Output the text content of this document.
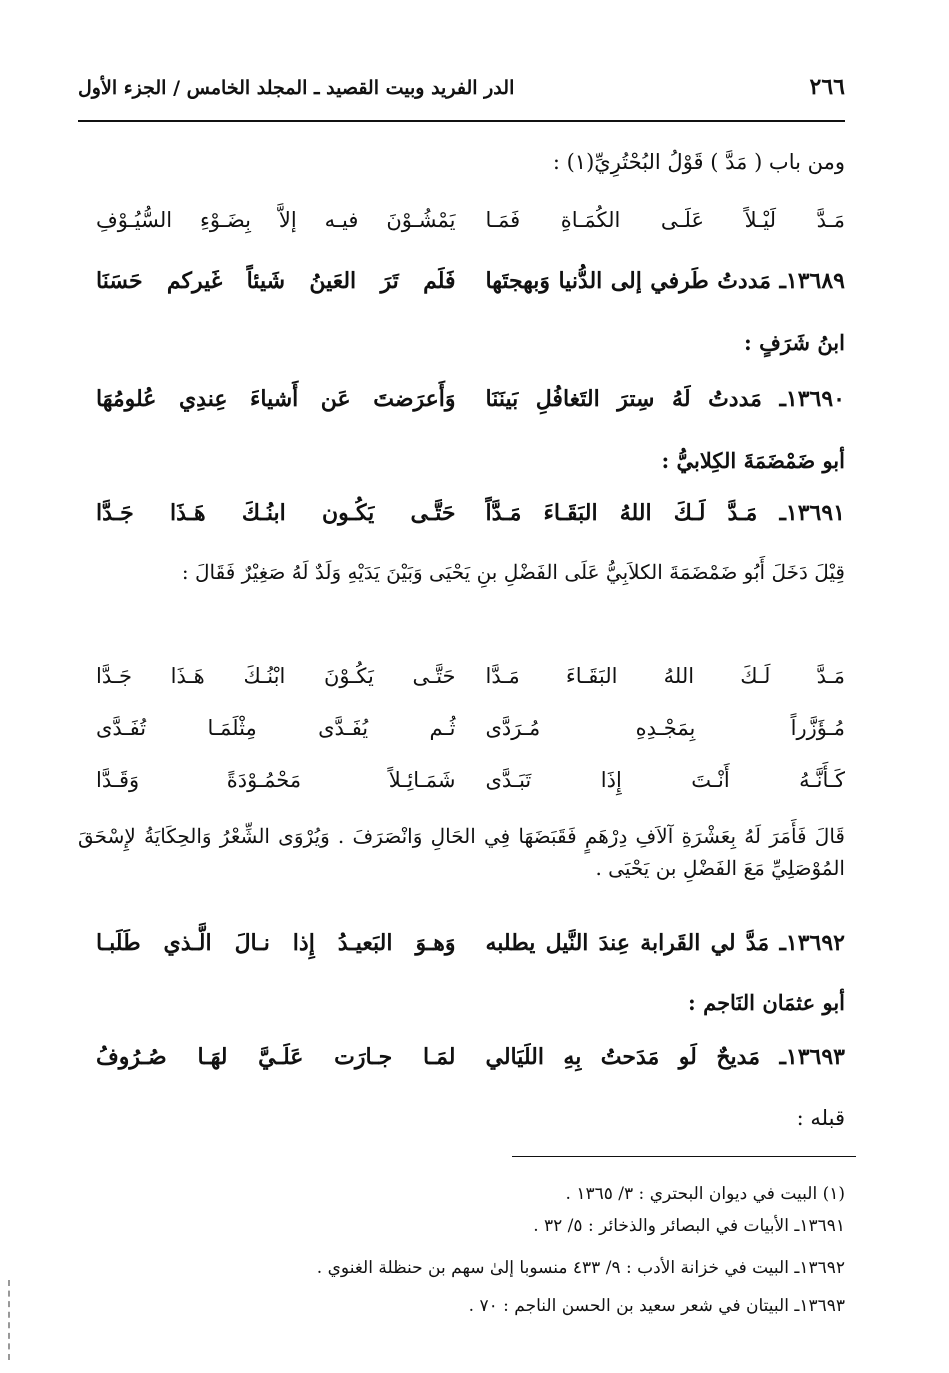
٢٦٦
الدر الفريد وبيت القصيد ـ المجلد الخامس / الجزء الأول
ومن باب ( مَدَّ ) قَوْلُ البُحْتُرِيِّ(١) :
مَـدَّ لَيْـلاً عَلَـى الكُمَـاةِ فَمَـا
يَمْشُـوْنَ فيـه إلاَّ بِضَـوْءِ السُّيُـوْفِ
١٣٦٨٩ـ مَددتُ طَرفي إلى الدُّنيا وَبهجتَها
فَلَم تَرَ العَينُ شَيئاً غَيركم حَسَنَا
ابنُ شَرَفٍ :
١٣٦٩٠ـ مَددتُ لَهُ سِترَ التَغافُلِ بَينَنَا
وَأَعرَضتَ عَن أَشياءَ عِندِي عُلومُهَا
أبو ضَمْضَمَةَ الكِلابيُّ :
١٣٦٩١ـ مَـدَّ لَـكَ اللهُ البَقَـاءَ مَـدَّاً
حَتَّـى يَكُـون ابنُـكَ هَـذَا جَـدَّا
قِيْلَ دَخَلَ أَبُو ضَمْضَمَةَ الكلاَبِيُّ عَلَى الفَضْلِ بنِ يَحْيَى وَبَيْنَ يَدَيْهِ وَلَدٌ لَهُ صَغِيْرٌ فَقَالَ :
مَـدَّ لَـكَ اللهُ البَقَـاءَ مَـدَّا
حَتَّـى يَكُـوْنَ ابْنُـكَ هَـذَا جَـدَّا
مُـؤَزَّراً بِمَجْـدِهِ مُـرَدَّى
ثُـم يُفَـدَّى مِثْلَمَـا تُفَـدَّى
كَـأَنَّـهُ أَنْـتَ إِذَا تَبَـدَّى
شَمَـائِـلاً مَحْمُـوْدَةً وَقَـدَّا
قَالَ فَأَمَرَ لَهُ بِعَشْرَةِ آلاَفِ دِرْهَمٍ فَقَبَضَهَا فِي الحَالِ وَانْصَرَفَ . وَيُرْوَى الشِّعْرُ وَالحِكَايَةُ لإِسْحَقَ المُوْصَلِيِّ مَعَ الفَضْلِ بن يَحْيَى .
١٣٦٩٢ـ مَدَّ لي القَرابة عِندَ النَّيل يطلبه
وَهـوَ البَعيـدُ إِذا نـالَ الَّـذي طَلَبـا
أبو عثمَان النَاجم :
١٣٦٩٣ـ مَديحٌ لَو مَدَحتُ بِهِ اللَيَالي
لمَـا جـارَت عَلَـيَّ لهَـا صُـرُوفُ
قبله :
(١) البيت في ديوان البحتري : ٣/ ١٣٦٥ .
١٣٦٩١ـ الأبيات في البصائر والذخائر : ٥/ ٣٢ .
١٣٦٩٢ـ البيت في خزانة الأدب : ٩/ ٤٣٣ منسوبا إلىٰ سهم بن حنظلة الغنوي .
١٣٦٩٣ـ البيتان في شعر سعيد بن الحسن الناجم : ٧٠ .
